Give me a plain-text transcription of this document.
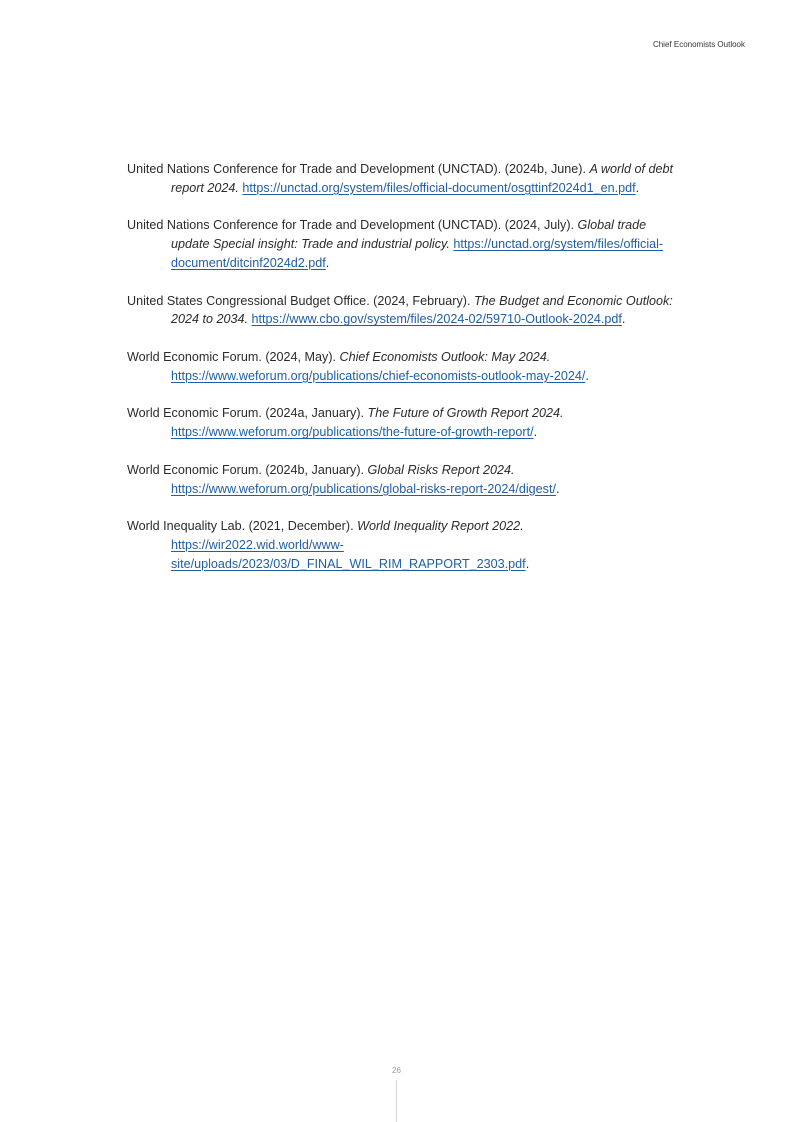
Chief Economists Outlook

United Nations Conference for Trade and Development (UNCTAD). (2024b, June). A world of debt report 2024. https://unctad.org/system/files/official-document/osgttinf2024d1_en.pdf.

United Nations Conference for Trade and Development (UNCTAD). (2024, July). Global trade update Special insight: Trade and industrial policy. https://unctad.org/system/files/official-document/ditcinf2024d2.pdf.

United States Congressional Budget Office. (2024, February). The Budget and Economic Outlook: 2024 to 2034. https://www.cbo.gov/system/files/2024-02/59710-Outlook-2024.pdf.

World Economic Forum. (2024, May). Chief Economists Outlook: May 2024. https://www.weforum.org/publications/chief-economists-outlook-may-2024/.

World Economic Forum. (2024a, January). The Future of Growth Report 2024. https://www.weforum.org/publications/the-future-of-growth-report/.

World Economic Forum. (2024b, January). Global Risks Report 2024. https://www.weforum.org/publications/global-risks-report-2024/digest/.

World Inequality Lab. (2021, December). World Inequality Report 2022. https://wir2022.wid.world/www-site/uploads/2023/03/D_FINAL_WIL_RIM_RAPPORT_2303.pdf.

26
